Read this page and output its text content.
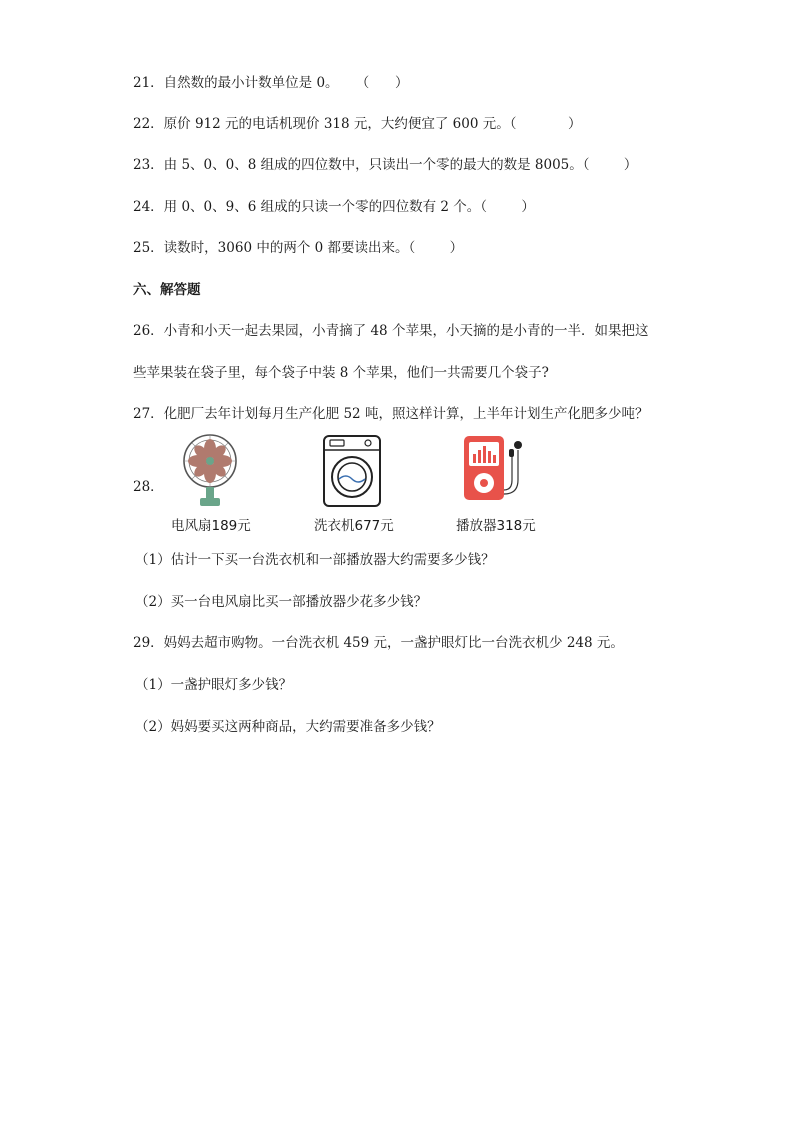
21．自然数的最小计数单位是 0。    （      ）
22．原价 912 元的电话机现价 318 元，大约便宜了 600 元。（            ）
23．由 5、0、0、8 组成的四位数中，只读出一个零的最大的数是 8005。（        ）
24．用 0、0、9、6 组成的只读一个零的四位数有 2 个。（        ）
25．读数时，3060 中的两个 0 都要读出来。（        ）
六、解答题
26．小青和小天一起去果园，小青摘了 48 个苹果，小天摘的是小青的一半．如果把这
些苹果装在袋子里，每个袋子中装 8 个苹果，他们一共需要几个袋子?
27．化肥厂去年计划每月生产化肥 52 吨，照这样计算，上半年计划生产化肥多少吨？
28．
电风扇189元	洗衣机677元	播放器318元
（1）估计一下买一台洗衣机和一部播放器大约需要多少钱？
（2）买一台电风扇比买一部播放器少花多少钱？
29．妈妈去超市购物。一台洗衣机 459 元，一盏护眼灯比一台洗衣机少 248 元。
（1）一盏护眼灯多少钱？
（2）妈妈要买这两种商品，大约需要准备多少钱？
